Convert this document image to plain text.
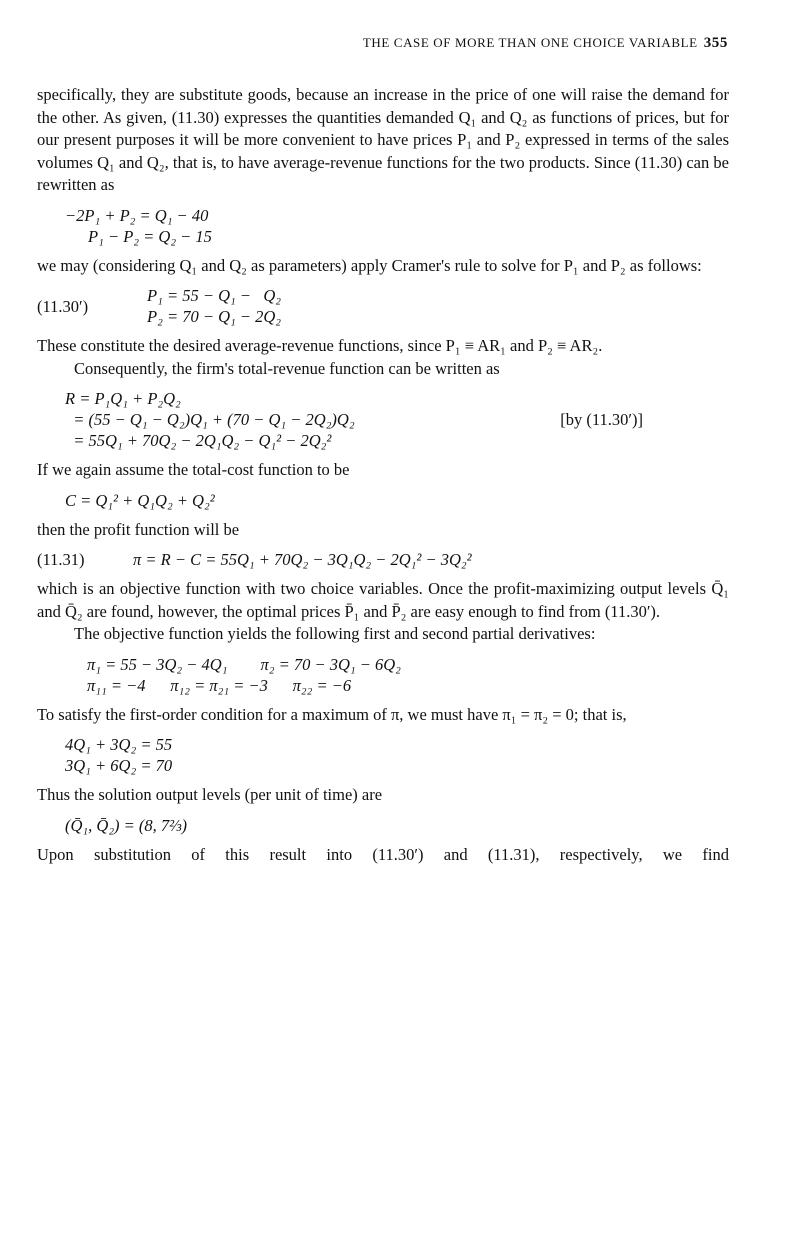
THE CASE OF MORE THAN ONE CHOICE VARIABLE 355

specifically, they are substitute goods, because an increase in the price of one will raise the demand for the other. As given, (11.30) expresses the quantities demanded Q₁ and Q₂ as functions of prices, but for our present purposes it will be more convenient to have prices P₁ and P₂ expressed in terms of the sales volumes Q₁ and Q₂, that is, to have average-revenue functions for the two products. Since (11.30) can be rewritten as

−2P₁ + P₂ = Q₁ − 40
P₁ − P₂ = Q₂ − 15

we may (considering Q₁ and Q₂ as parameters) apply Cramer's rule to solve for P₁ and P₂ as follows:

(11.30′)
P₁ = 55 − Q₁ −   Q₂
P₂ = 70 − Q₁ − 2Q₂

These constitute the desired average-revenue functions, since P₁ ≡ AR₁ and P₂ ≡ AR₂.

Consequently, the firm's total-revenue function can be written as

R = P₁Q₁ + P₂Q₂
= (55 − Q₁ − Q₂)Q₁ + (70 − Q₁ − 2Q₂)Q₂	[by (11.30′)]
= 55Q₁ + 70Q₂ − 2Q₁Q₂ − Q₁² − 2Q₂²

If we again assume the total-cost function to be

C = Q₁² + Q₁Q₂ + Q₂²

then the profit function will be

(11.31)	π = R − C = 55Q₁ + 70Q₂ − 3Q₁Q₂ − 2Q₁² − 3Q₂²

which is an objective function with two choice variables. Once the profit-maximizing output levels Q̄₁ and Q̄₂ are found, however, the optimal prices P̄₁ and P̄₂ are easy enough to find from (11.30′).

The objective function yields the following first and second partial derivatives:

π₁ = 55 − 3Q₂ − 4Q₁        π₂ = 70 − 3Q₁ − 6Q₂
π₁₁ = −4      π₁₂ = π₂₁ = −3      π₂₂ = −6

To satisfy the first-order condition for a maximum of π, we must have π₁ = π₂ = 0; that is,

4Q₁ + 3Q₂ = 55
3Q₁ + 6Q₂ = 70

Thus the solution output levels (per unit of time) are

(Q̄₁, Q̄₂) = (8, 7⅔)

Upon substitution of this result into (11.30′) and (11.31), respectively, we find
